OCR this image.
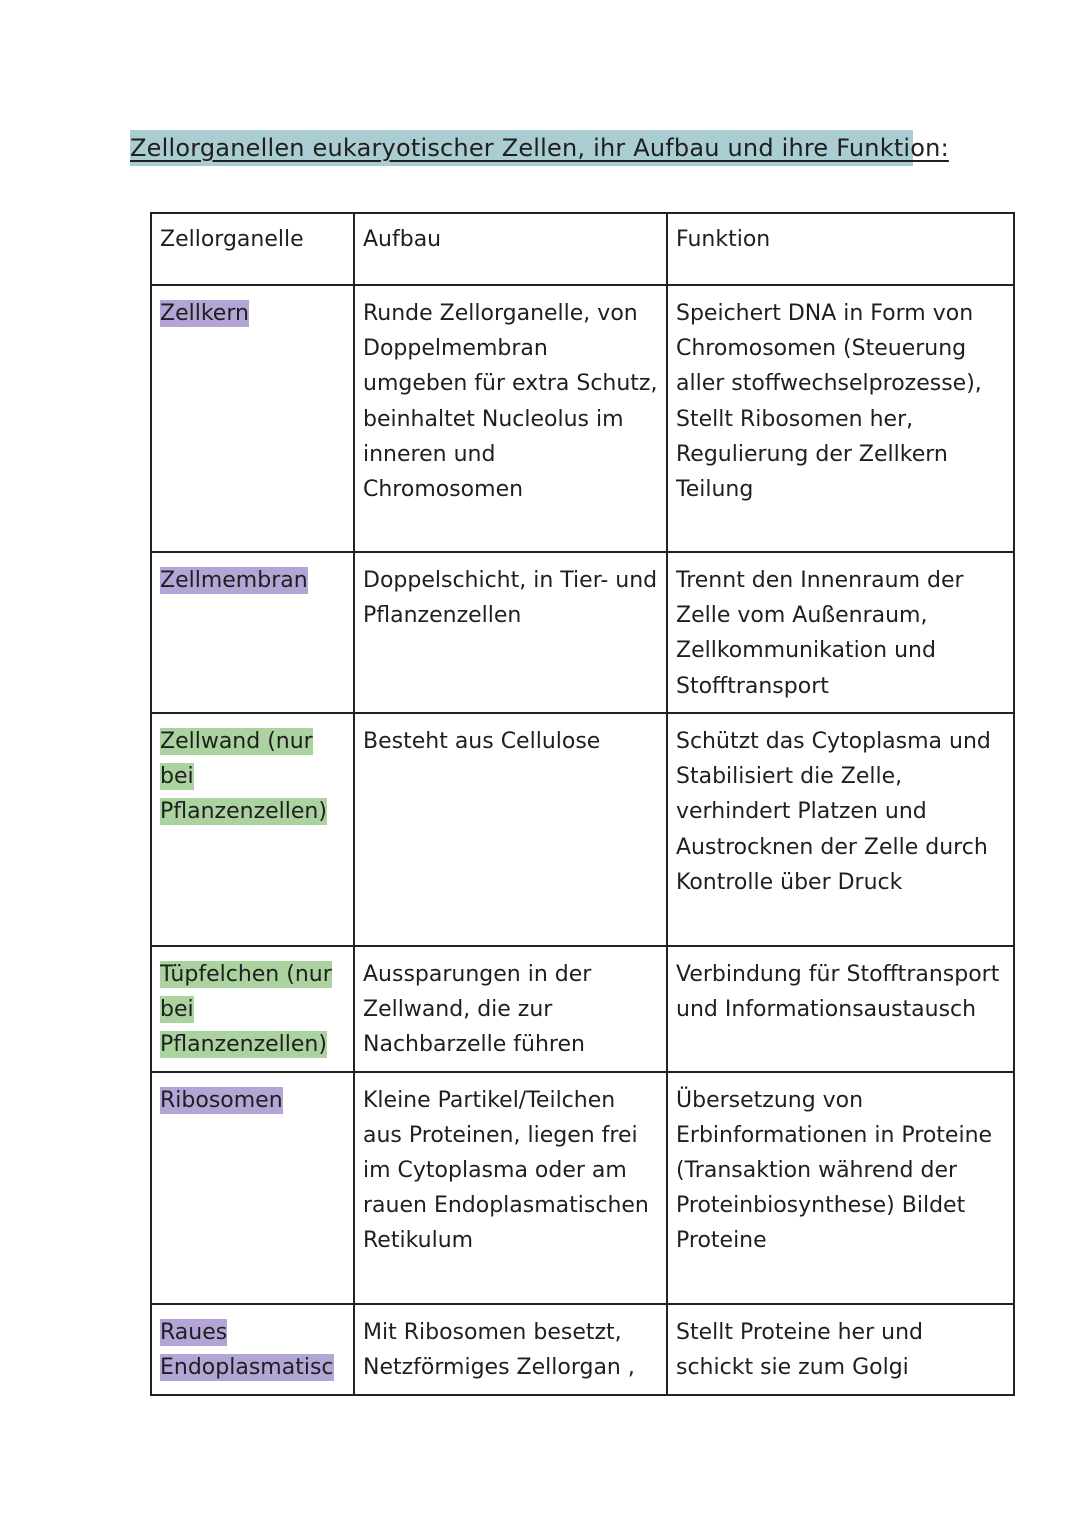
Zellorganellen eukaryotischer Zellen, ihr Aufbau und ihre Funktion:
Zellorganelle	Aufbau	Funktion
Zellkern	Runde Zellorganelle, von Doppelmembran umgeben für extra Schutz, beinhaltet Nucleolus im inneren und Chromosomen	Speichert DNA in Form von Chromosomen (Steuerung aller stoffwechselprozesse), Stellt Ribosomen her, Regulierung der Zellkern Teilung
Zellmembran	Doppelschicht, in Tier- und Pflanzenzellen	Trennt den Innenraum der Zelle vom Außenraum, Zellkommunikation und Stofftransport
Zellwand (nur bei Pflanzenzellen)	Besteht aus Cellulose	Schützt das Cytoplasma und Stabilisiert die Zelle, verhindert Platzen und Austrocknen der Zelle durch Kontrolle über Druck
Tüpfelchen (nur bei Pflanzenzellen)	Aussparungen in der Zellwand, die zur Nachbarzelle führen	Verbindung für Stofftransport und Informationsaustausch
Ribosomen	Kleine Partikel/Teilchen aus Proteinen, liegen frei im Cytoplasma oder am rauen Endoplasmatischen Retikulum	Übersetzung von Erbinformationen in Proteine (Transaktion während der Proteinbiosynthese) Bildet Proteine
Raues Endoplasmatisc	Mit Ribosomen besetzt, Netzförmiges Zellorgan ,	Stellt Proteine her und schickt sie zum Golgi
